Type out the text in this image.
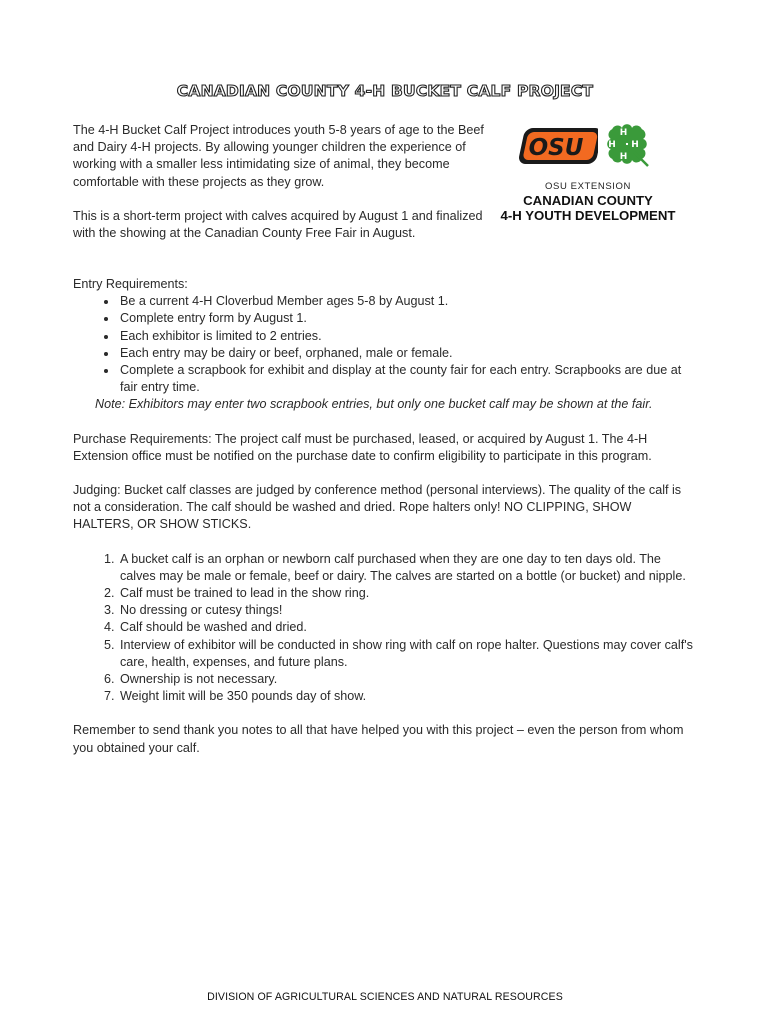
CANADIAN COUNTY 4-H BUCKET CALF PROJECT

The 4-H Bucket Calf Project introduces youth 5-8 years of age to the Beef and Dairy 4-H projects. By allowing younger children the experience of working with a smaller less intimidating size of animal, they become comfortable with these projects as they grow.

This is a short-term project with calves acquired by August 1 and finalized with the showing at the Canadian County Free Fair in August.

OSU
H
H
H
H
OSU EXTENSION
CANADIAN COUNTY
4-H YOUTH DEVELOPMENT

Entry Requirements:

• Be a current 4-H Cloverbud Member ages 5-8 by August 1.
• Complete entry form by August 1.
• Each exhibitor is limited to 2 entries.
• Each entry may be dairy or beef, orphaned, male or female.
• Complete a scrapbook for exhibit and display at the county fair for each entry. Scrapbooks are due at fair entry time.

Note: Exhibitors may enter two scrapbook entries, but only one bucket calf may be shown at the fair.

Purchase Requirements: The project calf must be purchased, leased, or acquired by August 1. The 4-H Extension office must be notified on the purchase date to confirm eligibility to participate in this program.

Judging: Bucket calf classes are judged by conference method (personal interviews). The quality of the calf is not a consideration. The calf should be washed and dried. Rope halters only! NO CLIPPING, SHOW HALTERS, OR SHOW STICKS.

1. A bucket calf is an orphan or newborn calf purchased when they are one day to ten days old. The calves may be male or female, beef or dairy. The calves are started on a bottle (or bucket) and nipple.
2. Calf must be trained to lead in the show ring.
3. No dressing or cutesy things!
4. Calf should be washed and dried.
5. Interview of exhibitor will be conducted in show ring with calf on rope halter. Questions may cover calf's care, health, expenses, and future plans.
6. Ownership is not necessary.
7. Weight limit will be 350 pounds day of show.

Remember to send thank you notes to all that have helped you with this project – even the person from whom you obtained your calf.

DIVISION OF AGRICULTURAL SCIENCES AND NATURAL RESOURCES
